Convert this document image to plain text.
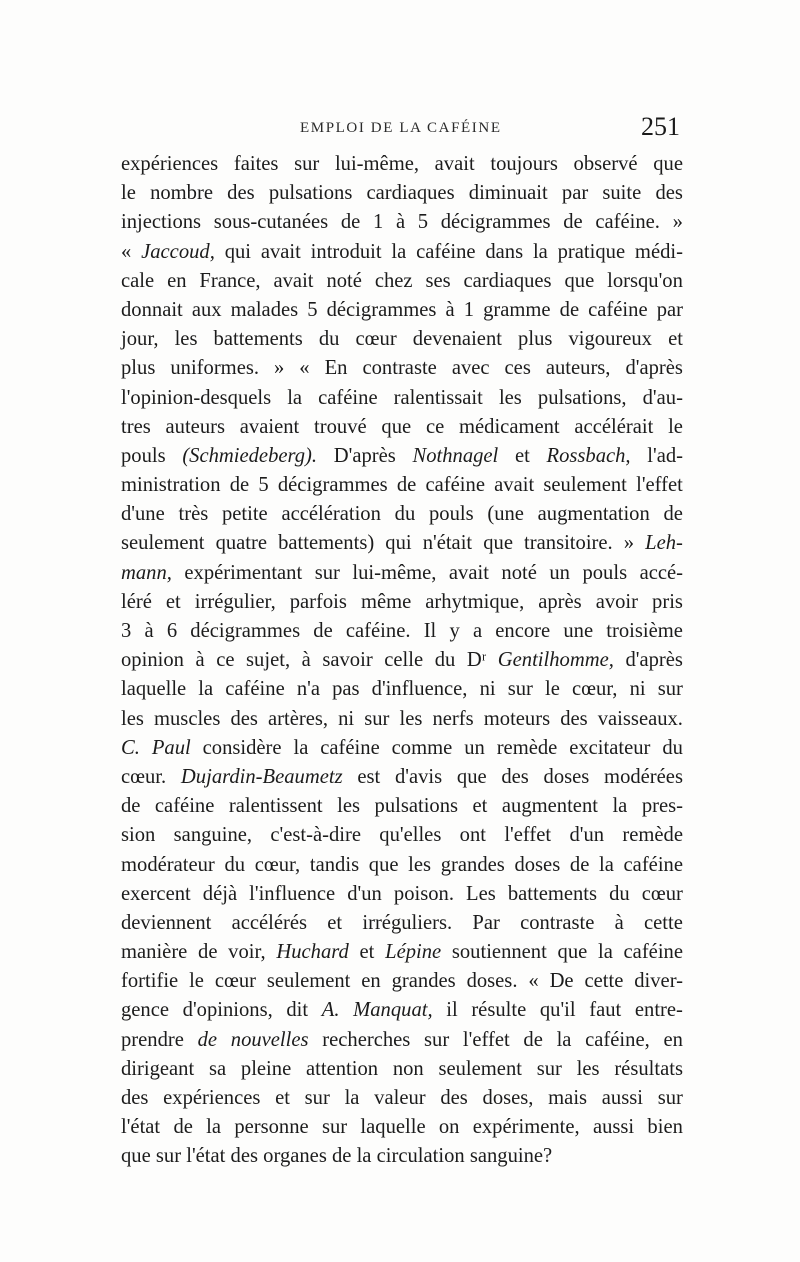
EMPLOI DE LA CAFÉINE	251
expériences faites sur lui-même, avait toujours observé que
le nombre des pulsations cardiaques diminuait par suite des
injections sous-cutanées de 1 à 5 décigrammes de caféine. »
« Jaccoud, qui avait introduit la caféine dans la pratique médi-
cale en France, avait noté chez ses cardiaques que lorsqu'on
donnait aux malades 5 décigrammes à 1 gramme de caféine par
jour, les battements du cœur devenaient plus vigoureux et
plus uniformes. » « En contraste avec ces auteurs, d'après
l'opinion-desquels la caféine ralentissait les pulsations, d'au-
tres auteurs avaient trouvé que ce médicament accélérait le
pouls (Schmiedeberg). D'après Nothnagel et Rossbach, l'ad-
ministration de 5 décigrammes de caféine avait seulement l'effet
d'une très petite accélération du pouls (une augmentation de
seulement quatre battements) qui n'était que transitoire. » Leh-
mann, expérimentant sur lui-même, avait noté un pouls accé-
léré et irrégulier, parfois même arhytmique, après avoir pris
3 à 6 décigrammes de caféine. Il y a encore une troisième
opinion à ce sujet, à savoir celle du Dʳ Gentilhomme, d'après
laquelle la caféine n'a pas d'influence, ni sur le cœur, ni sur
les muscles des artères, ni sur les nerfs moteurs des vaisseaux.
C. Paul considère la caféine comme un remède excitateur du
cœur. Dujardin-Beaumetz est d'avis que des doses modérées
de caféine ralentissent les pulsations et augmentent la pres-
sion sanguine, c'est-à-dire qu'elles ont l'effet d'un remède
modérateur du cœur, tandis que les grandes doses de la caféine
exercent déjà l'influence d'un poison. Les battements du cœur
deviennent accélérés et irréguliers. Par contraste à cette
manière de voir, Huchard et Lépine soutiennent que la caféine
fortifie le cœur seulement en grandes doses. « De cette diver-
gence d'opinions, dit A. Manquat, il résulte qu'il faut entre-
prendre de nouvelles recherches sur l'effet de la caféine, en
dirigeant sa pleine attention non seulement sur les résultats
des expériences et sur la valeur des doses, mais aussi sur
l'état de la personne sur laquelle on expérimente, aussi bien
que
sur
l'état
des
organes
de
la
circulation
sanguine?
